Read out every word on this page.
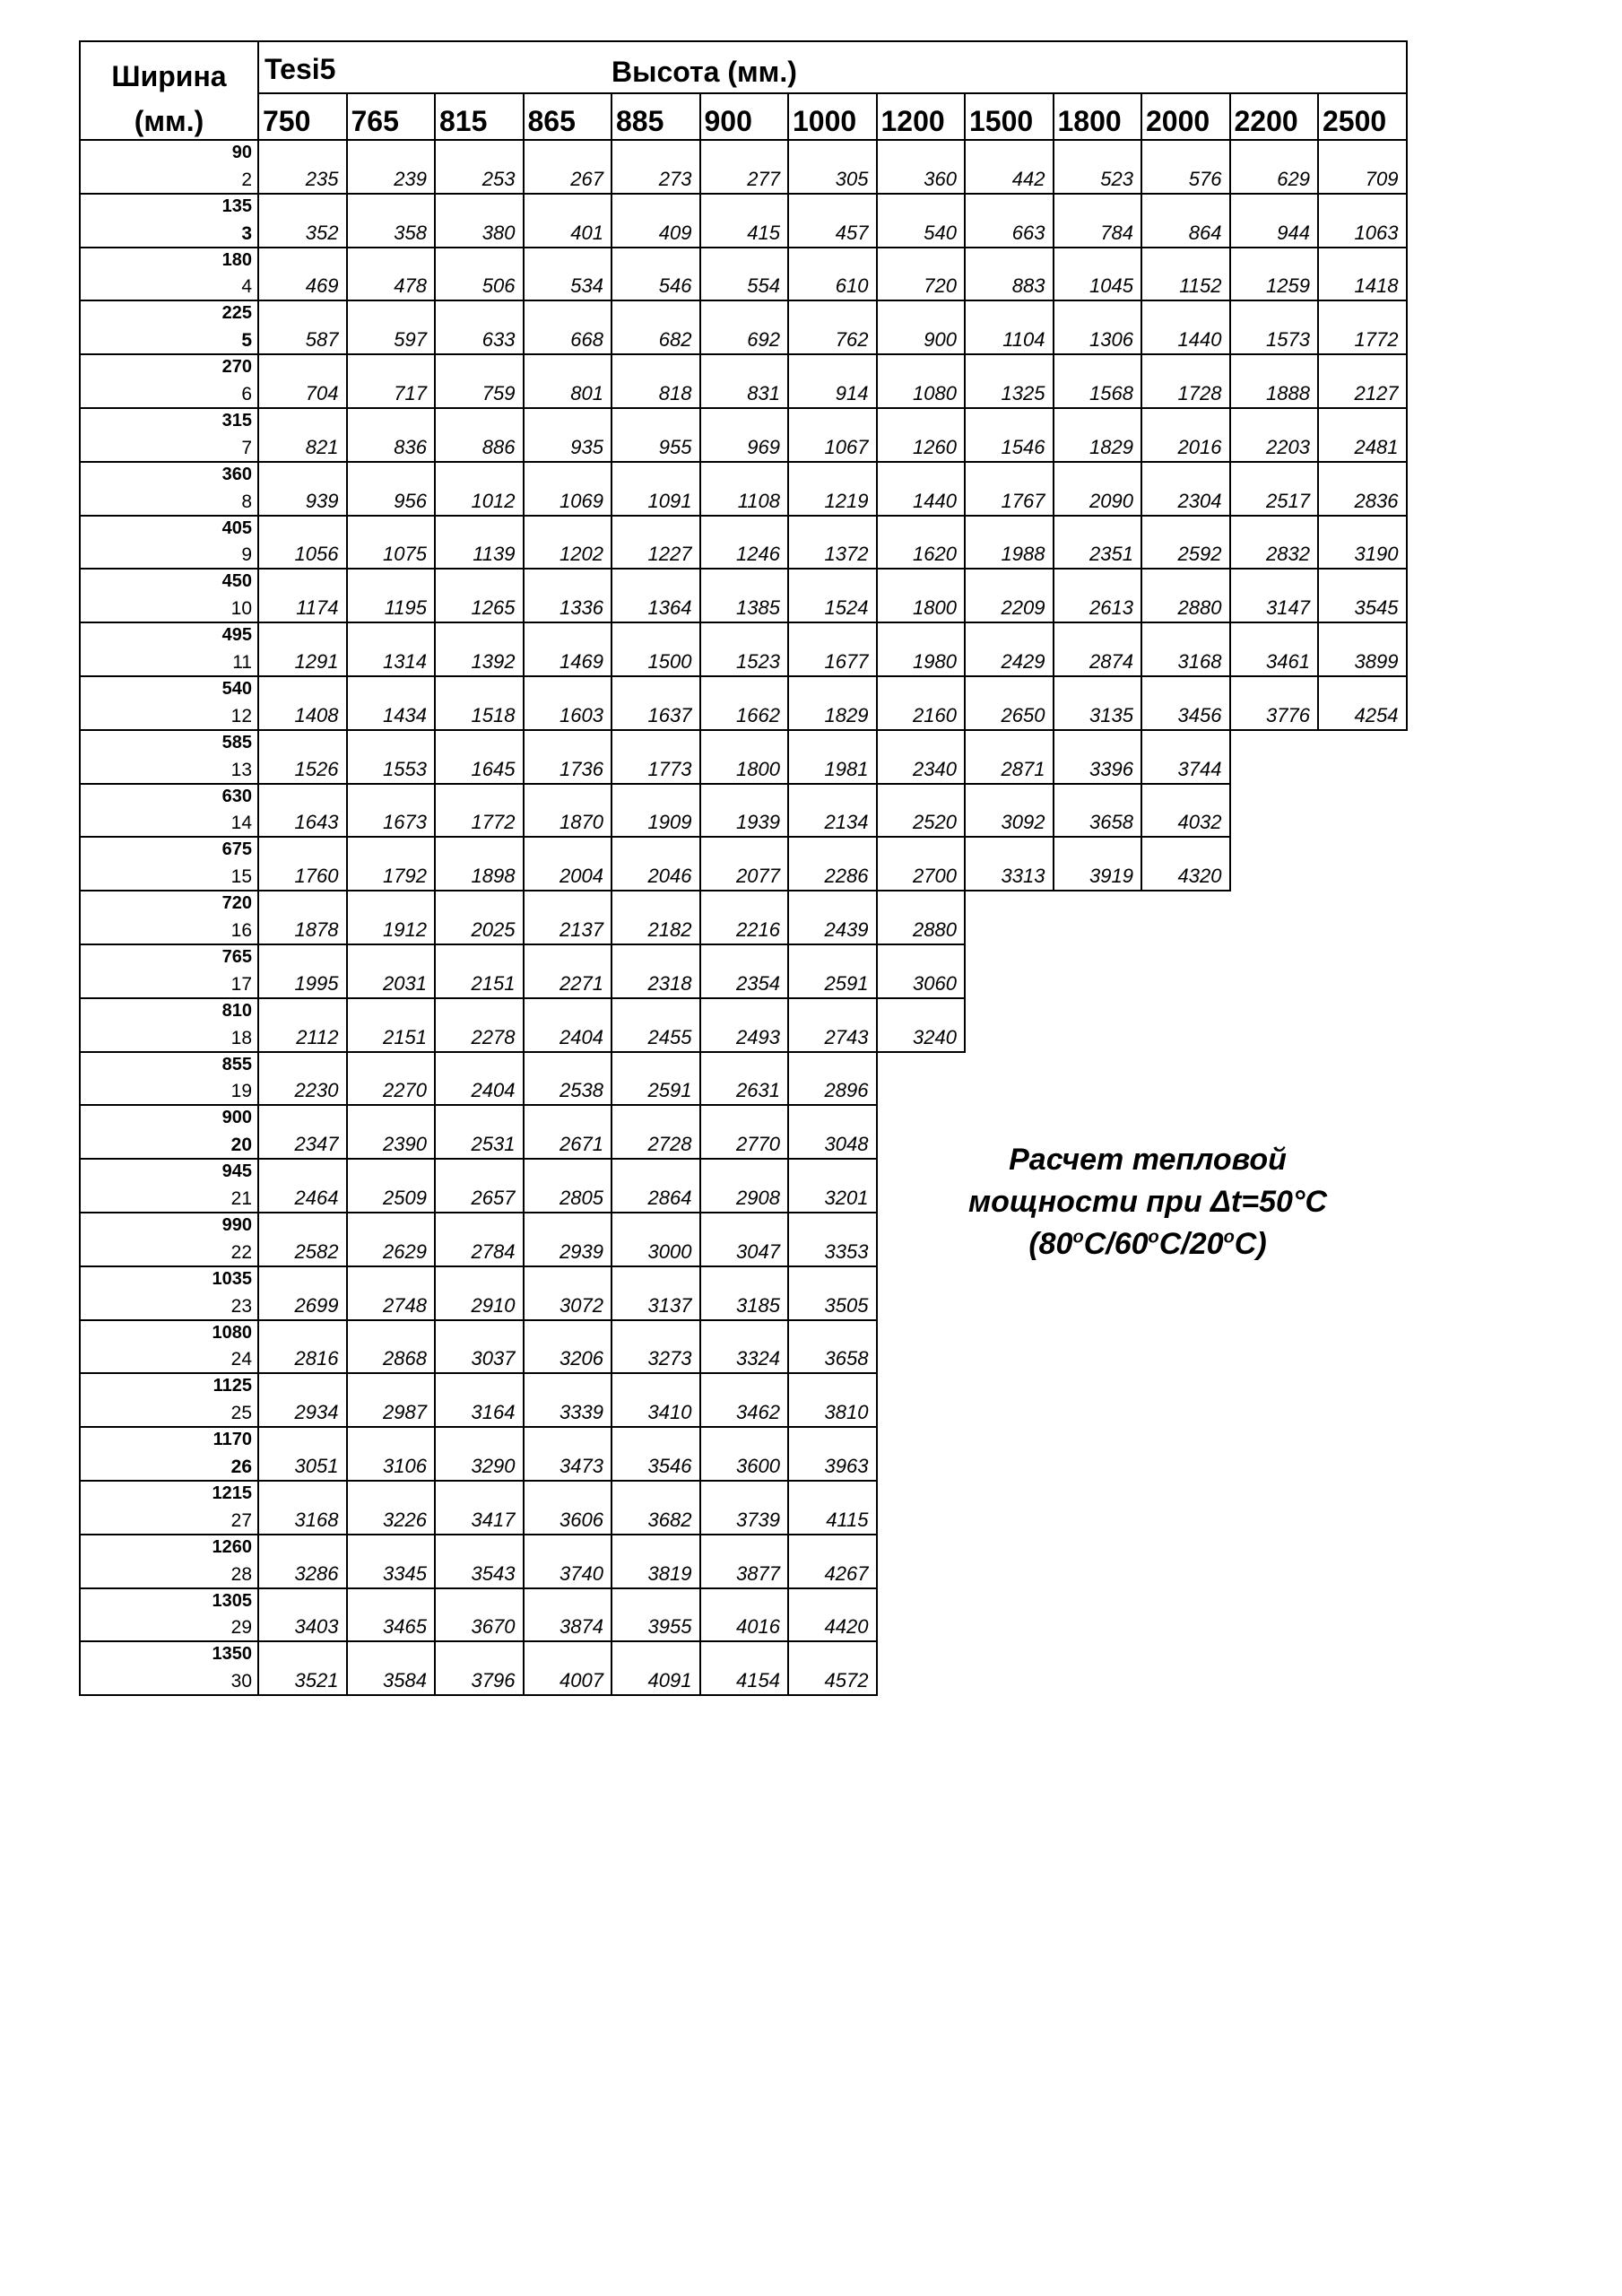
Ширина
(мм.)
Tesi5	Высота (мм.)
750 765 815 865 885 900 1000 1200 1500 1800 2000 2200 2500
90
2	235	239	253	267	273	277	305	360	442	523	576	629	709
135
3	352	358	380	401	409	415	457	540	663	784	864	944 1063
180
4	469	478	506	534	546	554	610	720	883 1045 1152 1259 1418
225
5	587	597	633	668	682	692	762	900 1104 1306 1440 1573 1772
270
6	704	717	759	801	818	831	914 1080 1325 1568 1728 1888 2127
315
7	821	836	886	935	955	969 1067 1260 1546 1829 2016 2203 2481
360
8	939	956 1012 1069 1091 1108 1219 1440 1767 2090 2304 2517 2836
405
9 1056 1075 1139 1202 1227 1246 1372 1620 1988 2351 2592 2832 3190
450
10 1174 1195 1265 1336 1364 1385 1524 1800 2209 2613 2880 3147 3545
495
11 1291 1314 1392 1469 1500 1523 1677 1980 2429 2874 3168 3461 3899
540
12 1408 1434 1518 1603 1637 1662 1829 2160 2650 3135 3456 3776 4254
585
13 1526 1553 1645 1736 1773 1800 1981 2340 2871 3396 3744
630
14 1643 1673 1772 1870 1909 1939 2134 2520 3092 3658 4032
675
15 1760 1792 1898 2004 2046 2077 2286 2700 3313 3919 4320
720
16 1878 1912 2025 2137 2182 2216 2439 2880
765
17 1995 2031 2151 2271 2318 2354 2591 3060
810
18 2112 2151 2278 2404 2455 2493 2743 3240
855
19 2230 2270 2404 2538 2591 2631 2896
900
20 2347 2390 2531 2671 2728 2770 3048
945
21 2464 2509 2657 2805 2864 2908 3201
990
22 2582 2629 2784 2939 3000 3047 3353
1035
23 2699 2748 2910 3072 3137 3185 3505
1080
24 2816 2868 3037 3206 3273 3324 3658
1125
25 2934 2987 3164 3339 3410 3462 3810
1170
26 3051 3106 3290 3473 3546 3600 3963
1215
27 3168 3226 3417 3606 3682 3739 4115
1260
28 3286 3345 3543 3740 3819 3877 4267
1305
29 3403 3465 3670 3874 3955 4016 4420
1350
30 3521 3584 3796 4007 4091 4154 4572
Расчет тепловой
мощности при Δt=50°C
(80$^o$C/60$^o$C/20$^o$C)
